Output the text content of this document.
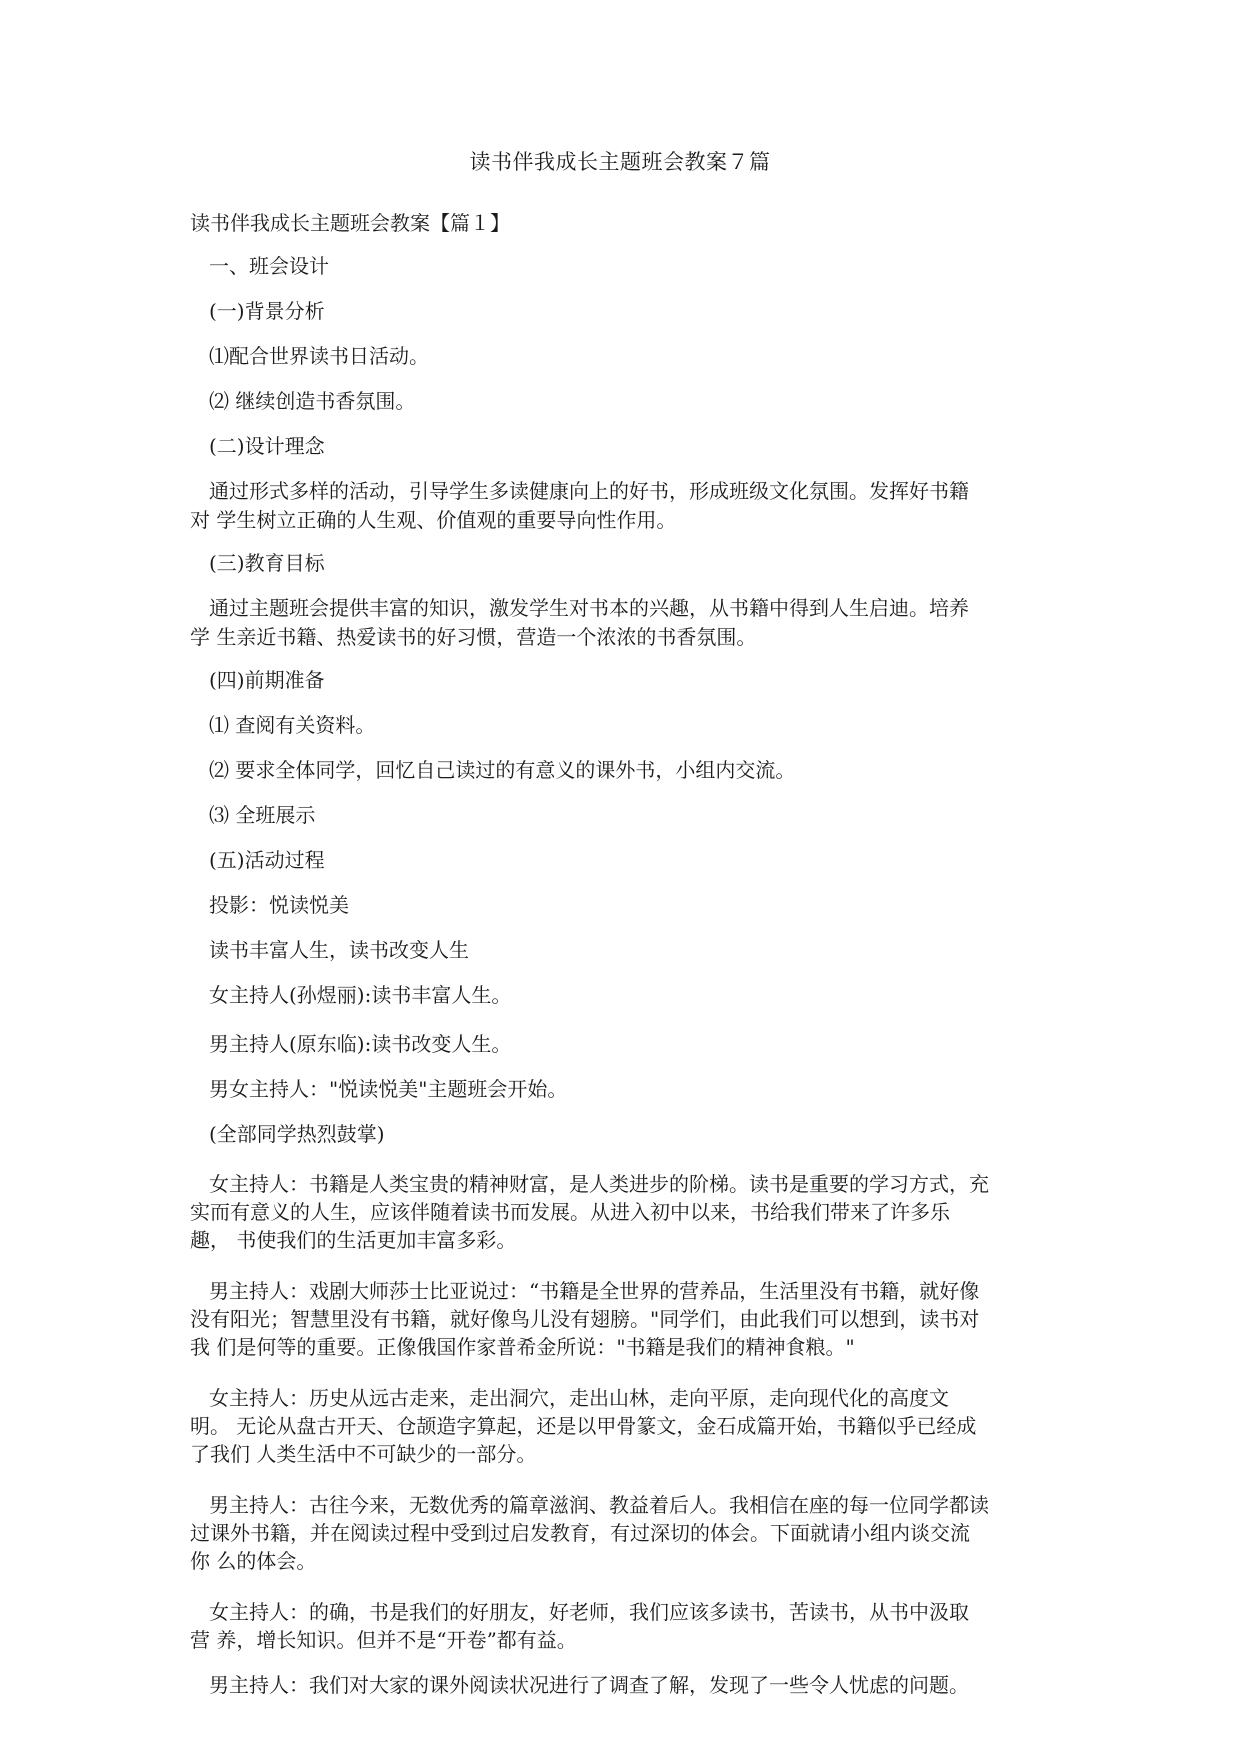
读书伴我成长主题班会教案７篇
读书伴我成长主题班会教案【篇１】
一、班会设计
(一)背景分析
⑴配合世界读书日活动。
⑵ 继续创造书香氛围。
(二)设计理念
通过形式多样的活动，引导学生多读健康向上的好书，形成班级文化氛围。发挥好书籍
对 学生树立正确的人生观、价值观的重要导向性作用。
(三)教育目标
通过主题班会提供丰富的知识，激发学生对书本的兴趣，从书籍中得到人生启迪。培养
学 生亲近书籍、热爱读书的好习惯，营造一个浓浓的书香氛围。
(四)前期准备
⑴ 查阅有关资料。
⑵ 要求全体同学，回忆自己读过的有意义的课外书，小组内交流。
⑶ 全班展示
(五)活动过程
投影：悦读悦美
读书丰富人生，读书改变人生
女主持人(孙煜丽):读书丰富人生。
男主持人(原东临):读书改变人生。
男女主持人："悦读悦美"主题班会开始。
(全部同学热烈鼓掌)
女主持人：书籍是人类宝贵的精神财富，是人类进步的阶梯。读书是重要的学习方式，充
实而有意义的人生，应该伴随着读书而发展。从进入初中以来，书给我们带来了许多乐
趣， 书使我们的生活更加丰富多彩。
男主持人：戏剧大师莎士比亚说过：“书籍是全世界的营养品，生活里没有书籍，就好像
没有阳光；智慧里没有书籍，就好像鸟儿没有翅膀。"同学们，由此我们可以想到，读书对
我 们是何等的重要。正像俄国作家普希金所说："书籍是我们的精神食粮。"
女主持人：历史从远古走来，走出洞穴，走出山林，走向平原，走向现代化的高度文
明。 无论从盘古开天、仓颉造字算起，还是以甲骨篆文，金石成篇开始，书籍似乎已经成
了我们 人类生活中不可缺少的一部分。
男主持人：古往今来，无数优秀的篇章滋润、教益着后人。我相信在座的每一位同学都读
过课外书籍，并在阅读过程中受到过启发教育，有过深切的体会。下面就请小组内谈交流
你 么的体会。
女主持人：的确，书是我们的好朋友，好老师，我们应该多读书，苦读书，从书中汲取
营 养，增长知识。但并不是“开卷”都有益。
男主持人：我们对大家的课外阅读状况进行了调查了解，发现了一些令人忧虑的问题。
